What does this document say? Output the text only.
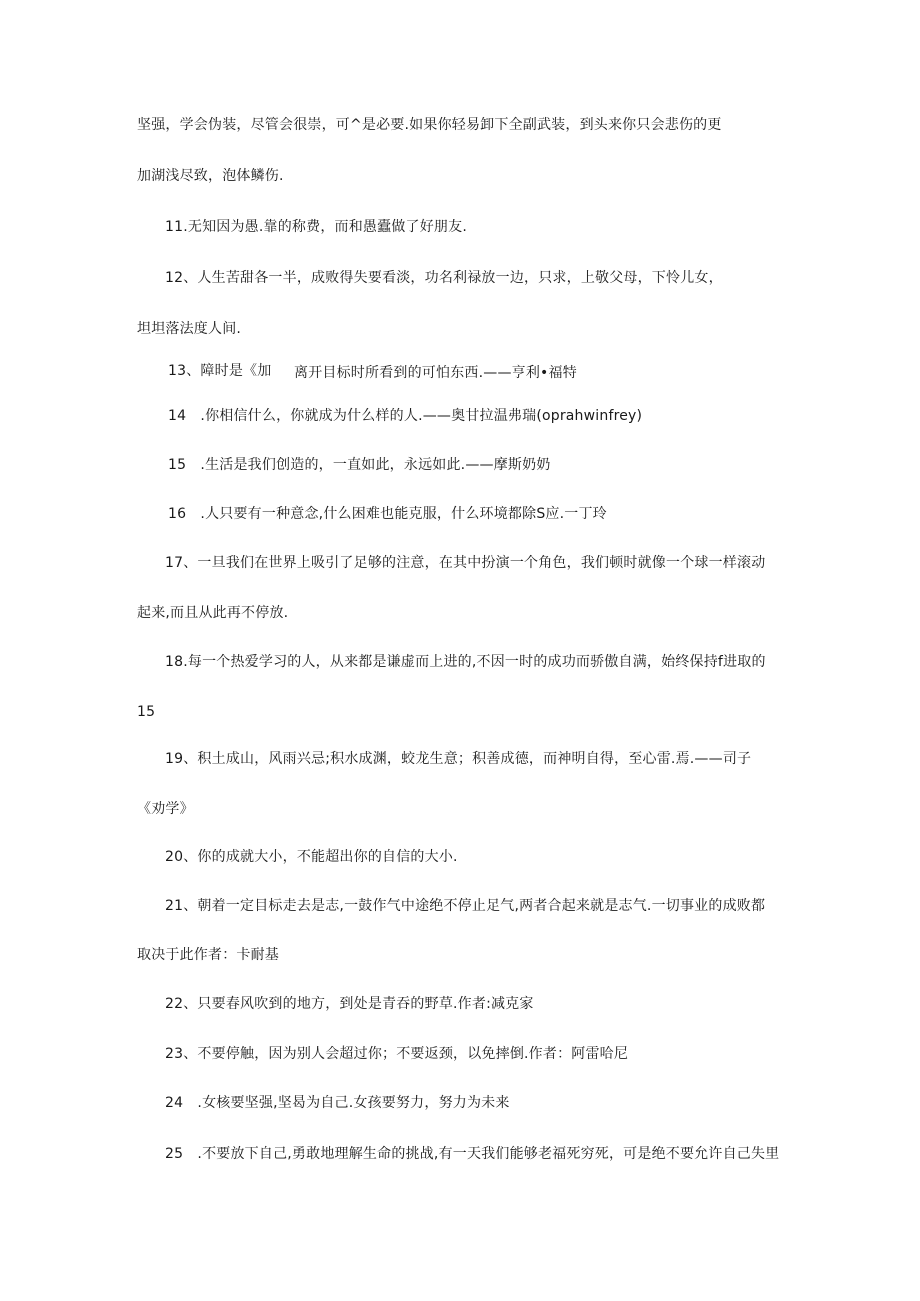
坚强，学会伪装，尽管会很崇，可^是必要.如果你轻易卸下全副武装，到头来你只会悲伤的更
加湖浅尽致，泡体鳞伤.
11.无知因为愚.靠的称费，而和愚蠹做了好朋友.
12、人生苦甜各一半，成败得失要看淡，功名利禄放一边，只求，上敬父母，下怜儿女，
坦坦落法度人间.
13、障时是《加 离开目标时所看到的可怕东西.——亨利•福特
14　.你相信什么，你就成为什么样的人.——奥甘拉温弗瑞(oprahwinfrey)
15　.生活是我们创造的，一直如此，永远如此.——摩斯奶奶
16　.人只要有一种意念,什么困难也能克服，什么环境都除S应.一丁玲
17、一旦我们在世界上吸引了足够的注意，在其中扮演一个角色，我们顿时就像一个球一样滚动
起来,而且从此再不停放.
18.每一个热爱学习的人，从来都是谦虚而上进的,不因一时的成功而骄傲自满，始终保持f进取的
15
19、积土成山，风雨兴忌;积水成渊，蛟龙生意；积善成德，而神明自得，至心雷.焉.——司子
《劝学》
20、你的成就大小，不能超出你的自信的大小.
21、朝着一定目标走去是志,一鼓作气中途绝不停止足气,两者合起来就是志气.一切事业的成败都
取决于此作者：卡耐基
22、只要春风吹到的地方，到处是青吞的野草.作者:减克家
23、不要停触，因为别人会超过你；不要返颈，以免摔倒.作者：阿雷哈尼
24　.女核要坚强,坚曷为自己.女孩要努力，努力为未来
25　.不要放下自己,勇敢地理解生命的挑战,有一天我们能够老福死穷死，可是绝不要允许自己失里
